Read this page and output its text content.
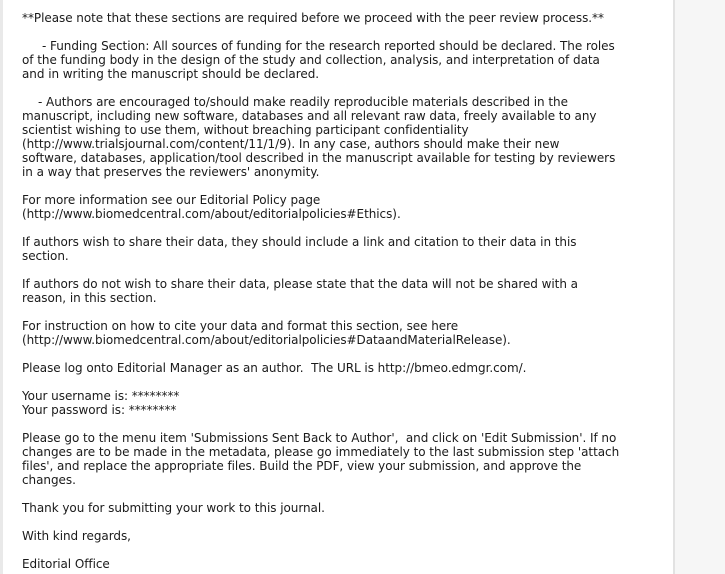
**Please note that these sections are required before we proceed with the peer review process.**

- Funding Section: All sources of funding for the research reported should be declared. The roles

of the funding body in the design of the study and collection, analysis, and interpretation of data
and in writing the manuscript should be declared.

- Authors are encouraged to/should make readily reproducible materials described in the

manuscript, including new software, databases and all relevant raw data, freely available to any
scientist wishing to use them, without breaching participant confidentiality
(http://www.trialsjournal.com/content/11/1/9). In any case, authors should make their new
software, databases, application/tool described in the manuscript available for testing by reviewers
in a way that preserves the reviewers' anonymity.

For more information see our Editorial Policy page
(http://www.biomedcentral.com/about/editorialpolicies#Ethics).

If authors wish to share their data, they should include a link and citation to their data in this
section.

If authors do not wish to share their data, please state that the data will not be shared with a
reason, in this section.

For instruction on how to cite your data and format this section, see here
(http://www.biomedcentral.com/about/editorialpolicies#DataandMaterialRelease).

Please log onto Editorial Manager as an author.  The URL is http://bmeo.edmgr.com/.

Your username is: ********

Your password is: ********

Please go to the menu item 'Submissions Sent Back to Author',  and click on 'Edit Submission'. If no
changes are to be made in the metadata, please go immediately to the last submission step 'attach
files', and replace the appropriate files. Build the PDF, view your submission, and approve the
changes.

Thank you for submitting your work to this journal.

With kind regards,

Editorial Office
